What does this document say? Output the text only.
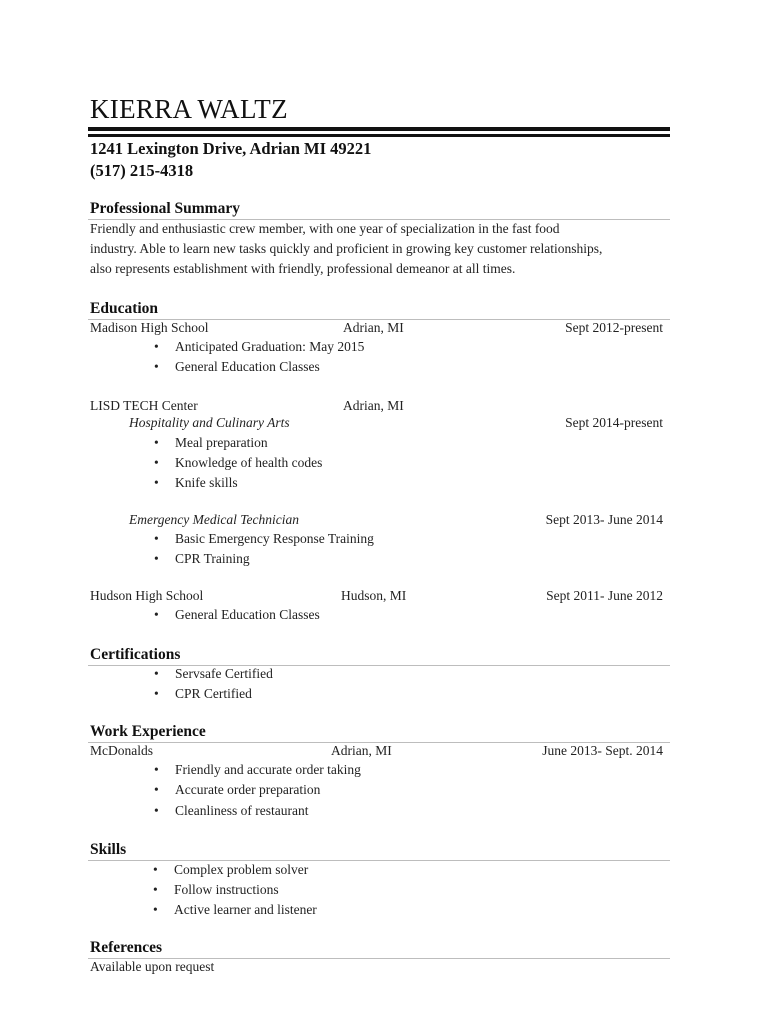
KIERRA WALTZ
1241 Lexington Drive, Adrian MI 49221
(517) 215-4318
Professional Summary
Friendly and enthusiastic crew member, with one year of specialization in the fast food
industry. Able to learn new tasks quickly and proficient in growing key customer relationships,
also represents establishment with friendly, professional demeanor at all times.
Education
Madison High School	Adrian, MI	Sept 2012-present
• Anticipated Graduation: May 2015
• General Education Classes
LISD TECH Center	Adrian, MI
Hospitality and Culinary Arts	Sept 2014-present
• Meal preparation
• Knowledge of health codes
• Knife skills
Emergency Medical Technician	Sept 2013- June 2014
• Basic Emergency Response Training
• CPR Training
Hudson High School	Hudson, MI	Sept 2011- June 2012
• General Education Classes
Certifications
• Servsafe Certified
• CPR Certified
Work Experience
McDonalds	Adrian, MI	June 2013- Sept. 2014
• Friendly and accurate order taking
• Accurate order preparation
• Cleanliness of restaurant
Skills
• Complex problem solver
• Follow instructions
• Active learner and listener
References
Available upon request
